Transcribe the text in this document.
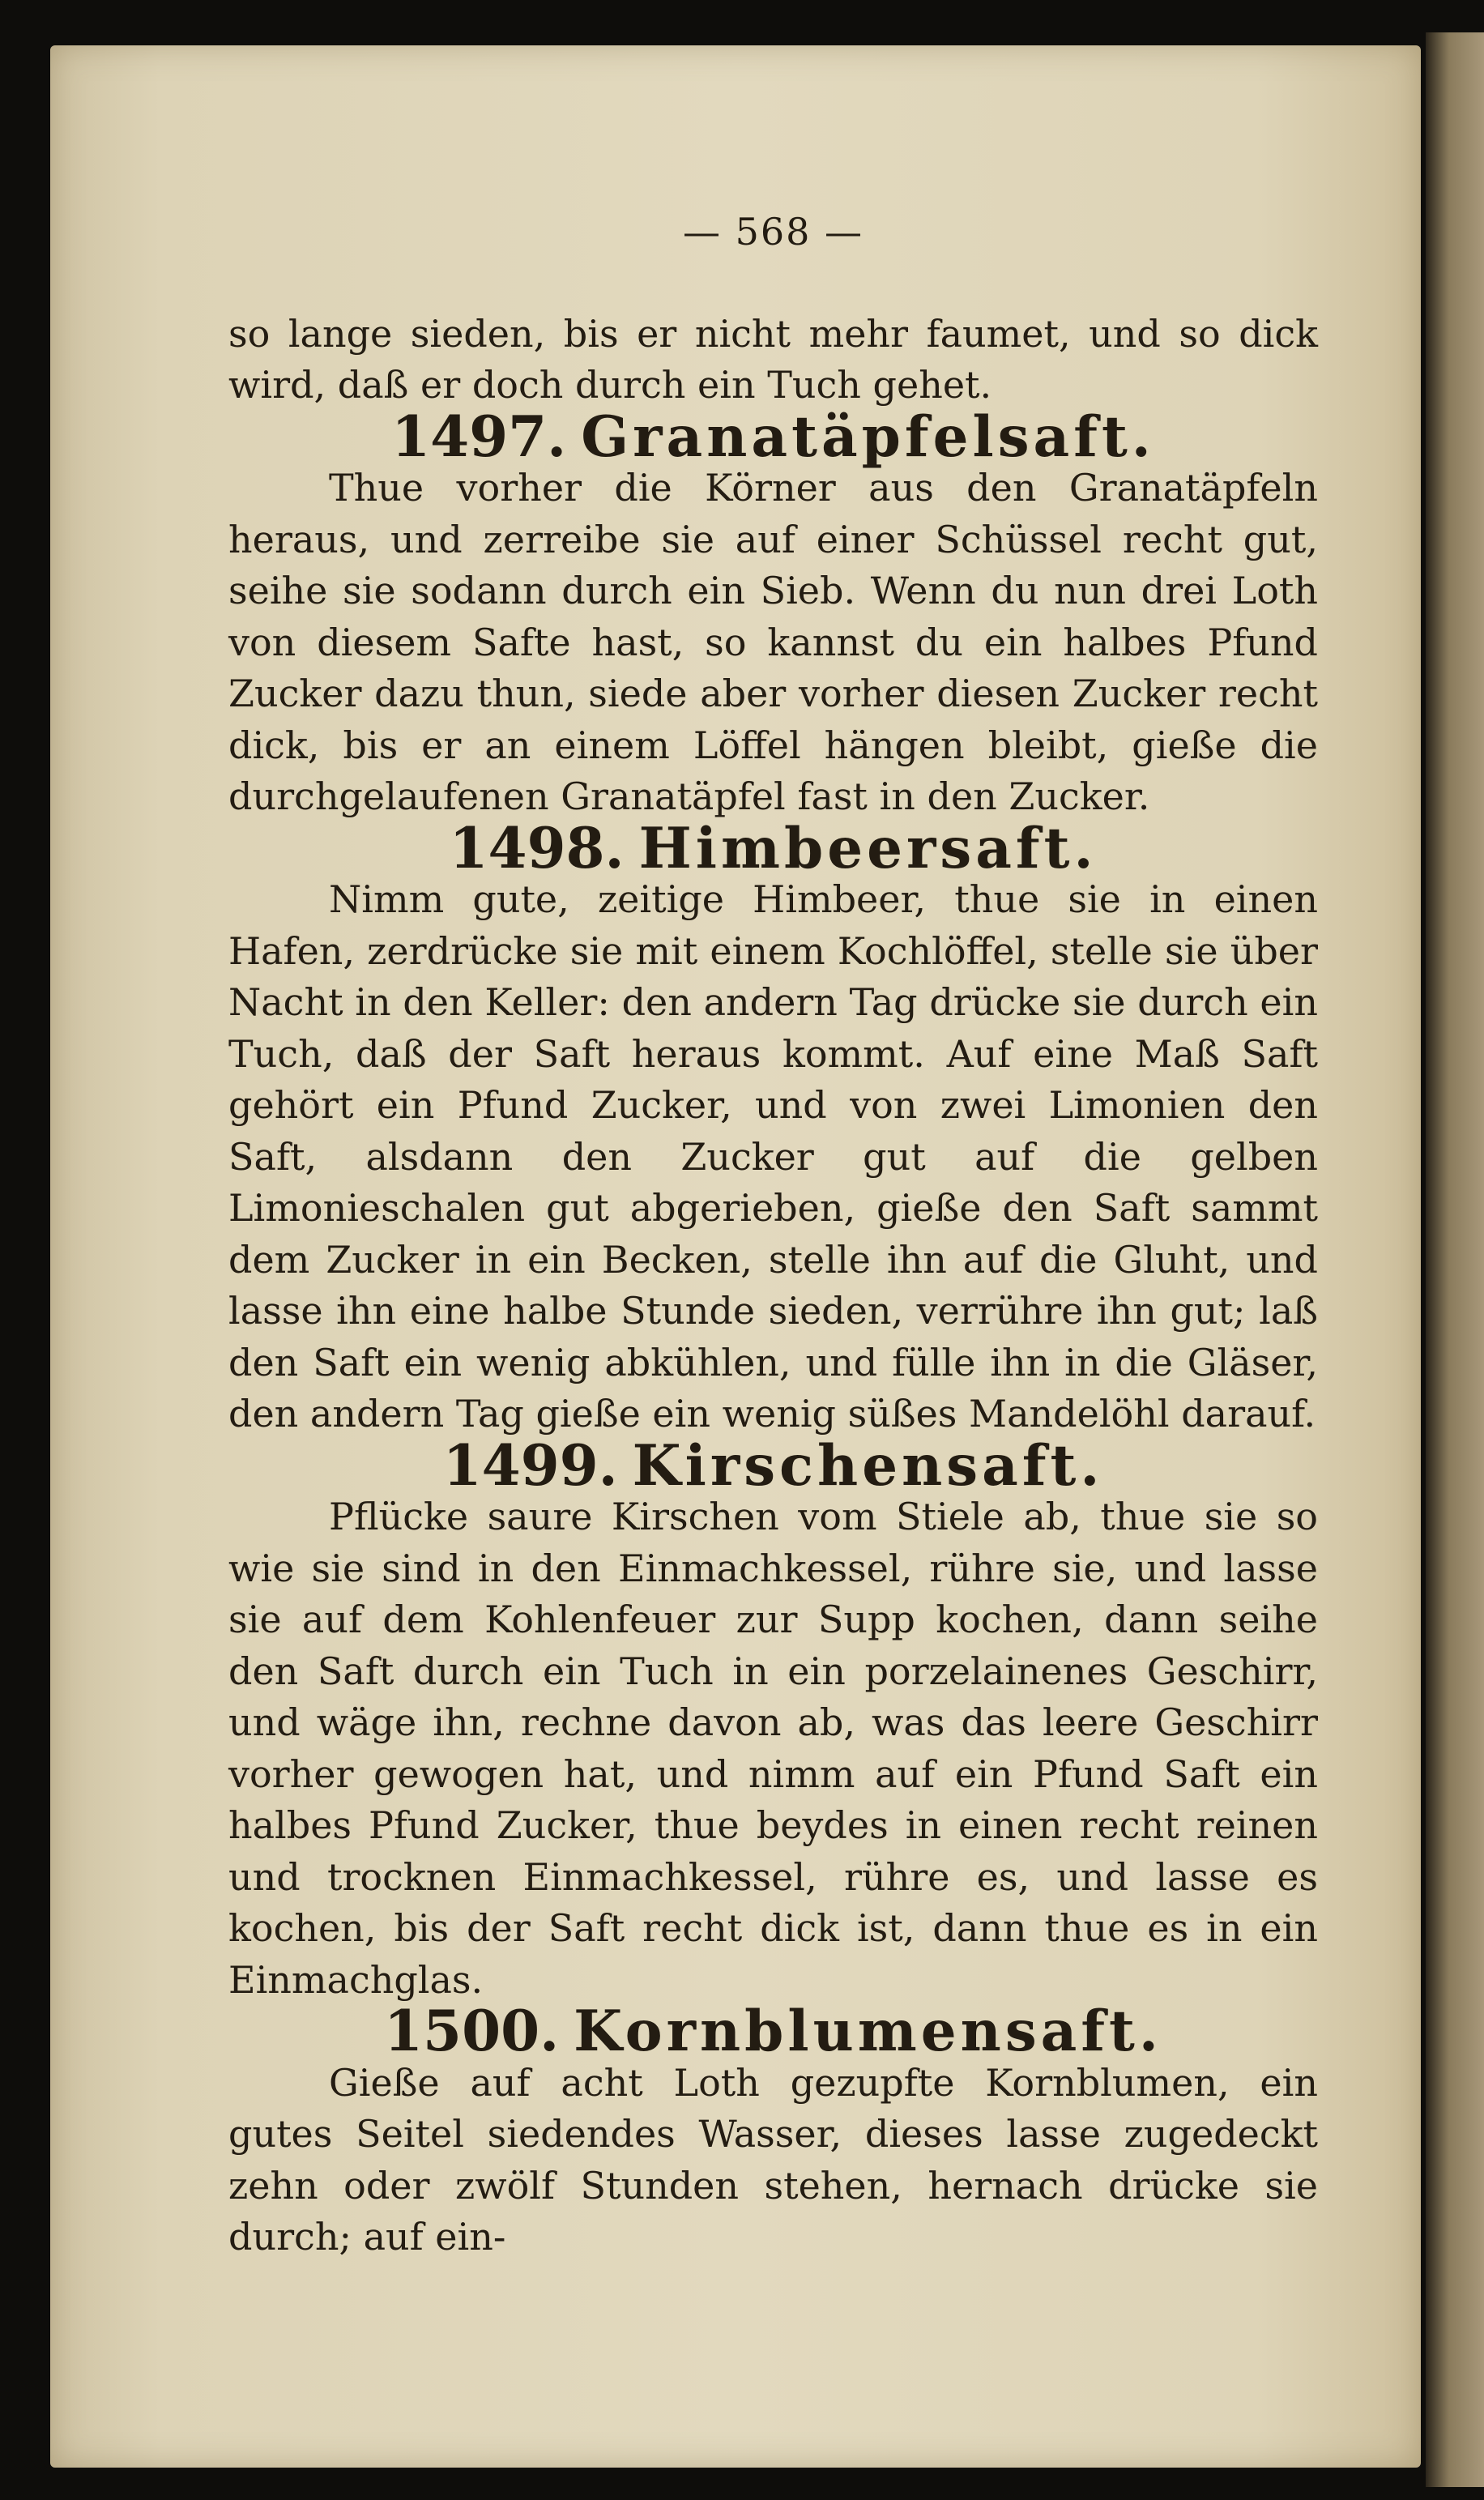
— 568 —

so lange sieden, bis er nicht mehr faumet, und so dick wird, daß er doch durch ein Tuch gehet.

1497. Granatäpfelsaft.

Thue vorher die Körner aus den Granatäpfeln heraus, und zerreibe sie auf einer Schüssel recht gut, seihe sie sodann durch ein Sieb. Wenn du nun drei Loth von diesem Safte hast, so kannst du ein halbes Pfund Zucker dazu thun, siede aber vorher diesen Zucker recht dick, bis er an einem Löffel hängen bleibt, gieße die durchgelaufenen Granatäpfel fast in den Zucker.

1498. Himbeersaft.

Nimm gute, zeitige Himbeer, thue sie in einen Hafen, zerdrücke sie mit einem Kochlöffel, stelle sie über Nacht in den Keller: den andern Tag drücke sie durch ein Tuch, daß der Saft heraus kommt. Auf eine Maß Saft gehört ein Pfund Zucker, und von zwei Limonien den Saft, alsdann den Zucker gut auf die gelben Limonieschalen gut abgerieben, gieße den Saft sammt dem Zucker in ein Becken, stelle ihn auf die Gluht, und lasse ihn eine halbe Stunde sieden, verrühre ihn gut; laß den Saft ein wenig abkühlen, und fülle ihn in die Gläser, den andern Tag gieße ein wenig süßes Mandelöhl darauf.

1499. Kirschensaft.

Pflücke saure Kirschen vom Stiele ab, thue sie so wie sie sind in den Einmachkessel, rühre sie, und lasse sie auf dem Kohlenfeuer zur Supp kochen, dann seihe den Saft durch ein Tuch in ein porzelainenes Geschirr, und wäge ihn, rechne davon ab, was das leere Geschirr vorher gewogen hat, und nimm auf ein Pfund Saft ein halbes Pfund Zucker, thue beydes in einen recht reinen und trocknen Einmachkessel, rühre es, und lasse es kochen, bis der Saft recht dick ist, dann thue es in ein Einmachglas.

1500. Kornblumensaft.

Gieße auf acht Loth gezupfte Kornblumen, ein gutes Seitel siedendes Wasser, dieses lasse zugedeckt zehn oder zwölf Stunden stehen, hernach drücke sie durch; auf ein-
